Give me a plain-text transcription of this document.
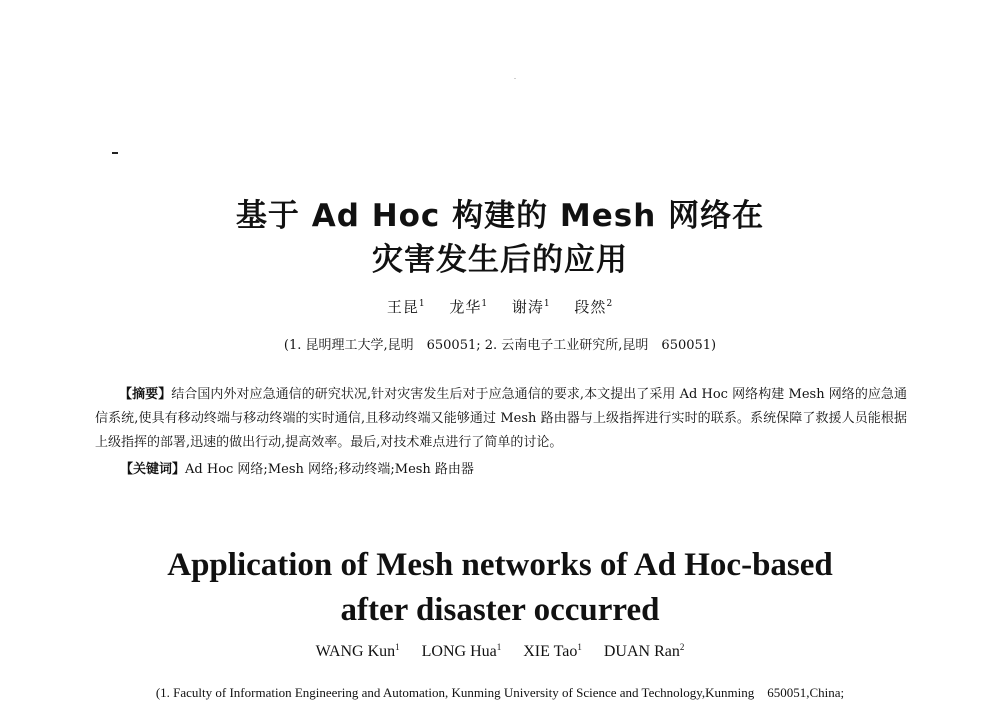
基于 Ad Hoc 构建的 Mesh 网络在
灾害发生后的应用
王昆$^1$ 龙华$^1$ 谢涛$^1$ 段然$^2$
(1. 昆明理工大学,昆明　650051; 2. 云南电子工业研究所,昆明　650051)
【摘要】结合国内外对应急通信的研究状况,针对灾害发生后对于应急通信的要求,本文提出了采用 Ad Hoc 网络构建 Mesh 网络的应急通信系统,使具有移动终端与移动终端的实时通信,且移动终端又能够通过 Mesh 路由器与上级指挥进行实时的联系。系统保障了救援人员能根据上级指挥的部署,迅速的做出行动,提高效率。最后,对技术难点进行了简单的讨论。
【关键词】Ad Hoc 网络;Mesh 网络;移动终端;Mesh 路由器
Application of Mesh networks of Ad Hoc-based
after disaster occurred
WANG Kun$^1$ LONG Hua$^1$ XIE Tao$^1$ DUAN Ran$^2$
(1. Faculty of Information Engineering and Automation, Kunming University of Science and Technology,Kunming　650051,China;
